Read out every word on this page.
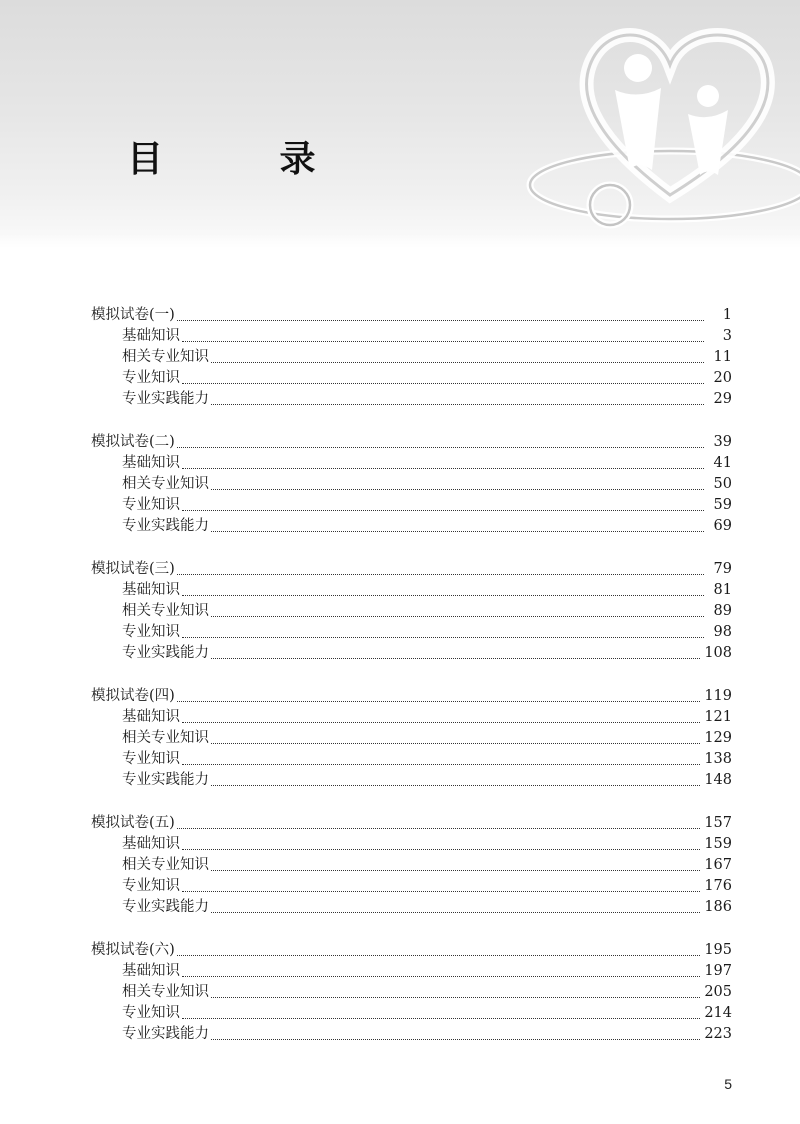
目 录
模拟试卷(一)	1
基础知识	3
相关专业知识	11
专业知识	20
专业实践能力	29
模拟试卷(二)	39
基础知识	41
相关专业知识	50
专业知识	59
专业实践能力	69
模拟试卷(三)	79
基础知识	81
相关专业知识	89
专业知识	98
专业实践能力	108
模拟试卷(四)	119
基础知识	121
相关专业知识	129
专业知识	138
专业实践能力	148
模拟试卷(五)	157
基础知识	159
相关专业知识	167
专业知识	176
专业实践能力	186
模拟试卷(六)	195
基础知识	197
相关专业知识	205
专业知识	214
专业实践能力	223
5
